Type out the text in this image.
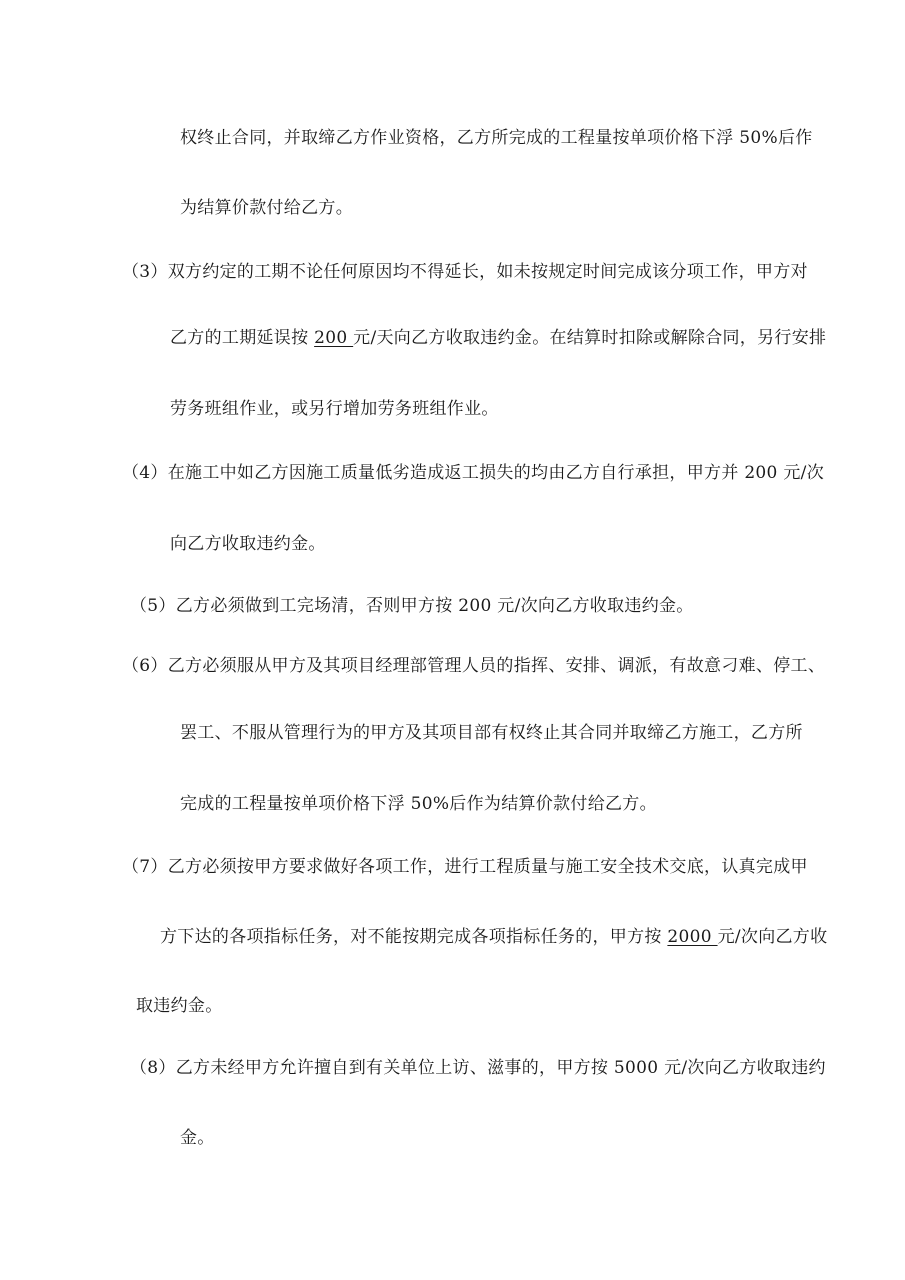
权终止合同，并取缔乙方作业资格，乙方所完成的工程量按单项价格下浮 50%后作
为结算价款付给乙方。
（3）双方约定的工期不论任何原因均不得延长，如未按规定时间完成该分项工作，甲方对
乙方的工期延误按 200 元/天向乙方收取违约金。在结算时扣除或解除合同，另行安排
劳务班组作业，或另行增加劳务班组作业。
（4）在施工中如乙方因施工质量低劣造成返工损失的均由乙方自行承担，甲方并 200 元/次
向乙方收取违约金。
（5）乙方必须做到工完场清，否则甲方按 200 元/次向乙方收取违约金。
（6）乙方必须服从甲方及其项目经理部管理人员的指挥、安排、调派，有故意刁难、停工、
罢工、不服从管理行为的甲方及其项目部有权终止其合同并取缔乙方施工，乙方所
完成的工程量按单项价格下浮 50%后作为结算价款付给乙方。
（7）乙方必须按甲方要求做好各项工作，进行工程质量与施工安全技术交底，认真完成甲
方下达的各项指标任务，对不能按期完成各项指标任务的，甲方按 2000 元/次向乙方收
取违约金。
（8）乙方未经甲方允许擅自到有关单位上访、滋事的，甲方按 5000 元/次向乙方收取违约
金。
